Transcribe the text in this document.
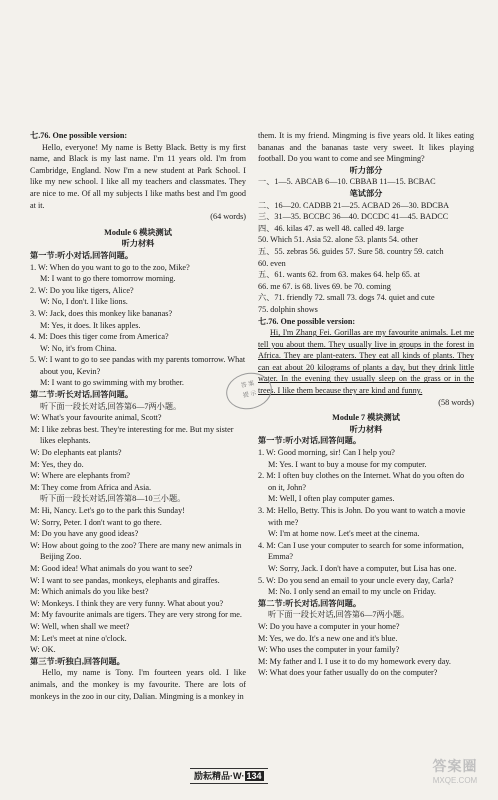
七.76. One possible version:

Hello, everyone! My name is Betty Black. Betty is my first name, and Black is my last name. I'm 11 years old. I'm from Cambridge, England. Now I'm a new student at Park School. I like my new school. I like all my teachers and classmates. They are nice to me. Of all my subjects I like maths best and I'm good at it.

(64 words)

Module 6 模块测试

听力材料

第一节:听小对话,回答问题。

1. W: When do you want to go to the zoo, Mike?

M: I want to go there tomorrow morning.

2. W: Do you like tigers, Alice?

W: No, I don't. I like lions.

3. W: Jack, does this monkey like bananas?

M: Yes, it does. It likes apples.

4. M: Does this tiger come from America?

W: No, it's from China.

5. W: I want to go to see pandas with my parents tomorrow. What about you, Kevin?

M: I want to go swimming with my brother.

第二节:听长对话,回答问题。

听下面一段长对话,回答第6—7两小题。

W: What's your favourite animal, Scott?

M: I like zebras best. They're interesting for me. But my sister likes elephants.

W: Do elephants eat plants?

M: Yes, they do.

W: Where are elephants from?

M: They come from Africa and Asia.

听下面一段长对话,回答第8—10三小题。

M: Hi, Nancy. Let's go to the park this Sunday!

W: Sorry, Peter. I don't want to go there.

M: Do you have any good ideas?

W: How about going to the zoo? There are many new animals in Beijing Zoo.

M: Good idea! What animals do you want to see?

W: I want to see pandas, monkeys, elephants and giraffes.

M: Which animals do you like best?

W: Monkeys. I think they are very funny. What about you?

M: My favourite animals are tigers. They are very strong for me.

W: Well, when shall we meet?

M: Let's meet at nine o'clock.

W: OK.

第三节:听独白,回答问题。

Hello, my name is Tony. I'm fourteen years old. I like animals, and the monkey is my favourite. There are lots of monkeys in the zoo in our city, Dalian. Mingming is a monkey in

them. It is my friend. Mingming is five years old. It likes eating bananas and the bananas taste very sweet. It likes playing football. Do you want to come and see Mingming?

听力部分

一、1—5. ABCAB 6—10. CBBAB 11—15. BCBAC

笔试部分

二、16—20. CADBB 21—25. ACBAD 26—30. BDCBA

三、31—35. BCCBC 36—40. DCCDC 41—45. BADCC

四、46. kilas 47. as well 48. called 49. large

50. Which 51. Asia 52. alone 53. plants 54. other

五、55. zebras 56. guides 57. Sure 58. country 59. catch

60. even

五、61. wants 62. from 63. makes 64. help 65. at

66. me 67. is 68. lives 69. be 70. coming

六、71. friendly 72. small 73. dogs 74. quiet and cute

75. dolphin shows

七.76. One possible version:

Hi, I'm Zhang Fei. Gorillas are my favourite animals. Let me tell you about them. They usually live in groups in the forest in Africa. They are plant-eaters. They eat all kinds of plants. They can eat about 20 kilograms of plants a day, but they drink little water. In the evening they usually sleep on the grass or in the trees. I like them because they are kind and funny.

(58 words)

Module 7 模块测试

听力材料

第一节:听小对话,回答问题。

1. W: Good morning, sir! Can I help you?

M: Yes. I want to buy a mouse for my computer.

2. M: I often buy clothes on the Internet. What do you often do on it, John?

M: Well, I often play computer games.

3. M: Hello, Betty. This is John. Do you want to watch a movie with me?

W: I'm at home now. Let's meet at the cinema.

4. M: Can I use your computer to search for some information, Emma?

W: Sorry, Jack. I don't have a computer, but Lisa has one.

5. W: Do you send an email to your uncle every day, Carla?

M: No. I only send an email to my uncle on Friday.

第二节:听长对话,回答问题。

听下面一段长对话,回答第6—7两小题。

W: Do you have a computer in your home?

M: Yes, we do. It's a new one and it's blue.

W: Who uses the computer in your family?

M: My father and I. I use it to do my homework every day.

W: What does your father usually do on the computer?

答 案
提 示
励耘精品·W· 134
答案圈
MXQE.COM
